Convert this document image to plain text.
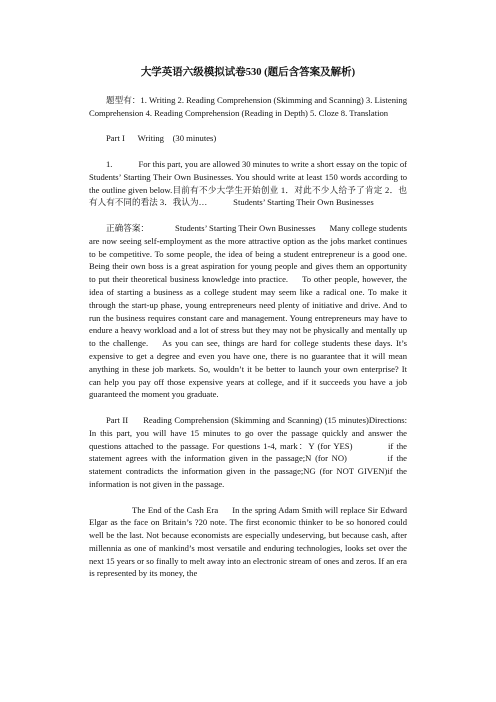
大学英语六级模拟试卷530 (题后含答案及解析)

题型有：1. Writing 2. Reading Comprehension (Skimming and Scanning) 3. Listening Comprehension 4. Reading Comprehension (Reading in Depth) 5. Cloze 8. Translation

Part I      Writing    (30 minutes)

1.	For this part, you are allowed 30 minutes to write a short essay on the topic of Students’ Starting Their Own Businesses. You should write at least 150 words according to the outline given below.目前有不少大学生开始创业 1．对此不少人给予了肯定 2．也有人有不同的看法 3．我认为…	Students’ Starting Their Own Businesses

正确答案：	Students’ Starting Their Own Businesses Many college students are now seeing self-employment as the more attractive option as the jobs market continues to be competitive. To some people, the idea of being a student entrepreneur is a good one. Being their own boss is a great aspiration for young people and gives them an opportunity to put their theoretical business knowledge into practice. To other people, however, the idea of starting a business as a college student may seem like a radical one. To make it through the start-up phase, young entrepreneurs need plenty of initiative and drive. And to run the business requires constant care and management. Young entrepreneurs may have to endure a heavy workload and a lot of stress but they may not be physically and mentally up to the challenge. As you can see, things are hard for college students these days. It’s expensive to get a degree and even you have one, there is no guarantee that it will mean anything in these job markets. So, wouldn’t it be better to launch your own enterprise? It can help you pay off those expensive years at college, and if it succeeds you have a job guaranteed the moment you graduate.

Part II      Reading Comprehension (Skimming and Scanning) (15 minutes)Directions: In this part, you will have 15 minutes to go over the passage quickly and answer the questions attached to the passage. For questions 1-4, mark：Y (for YES)           if the statement agrees with the information given in the passage;N (for NO)           if the statement contradicts the information given in the passage;NG (for NOT GIVEN)if the information is not given in the passage.

The End of the Cash Era In the spring Adam Smith will replace Sir Edward Elgar as the face on Britain’s ?20 note. The first economic thinker to be so honored could well be the last. Not because economists are especially undeserving, but because cash, after millennia as one of mankind’s most versatile and enduring technologies, looks set over the next 15 years or so finally to melt away into an electronic stream of ones and zeros. If an era is represented by its money, the
